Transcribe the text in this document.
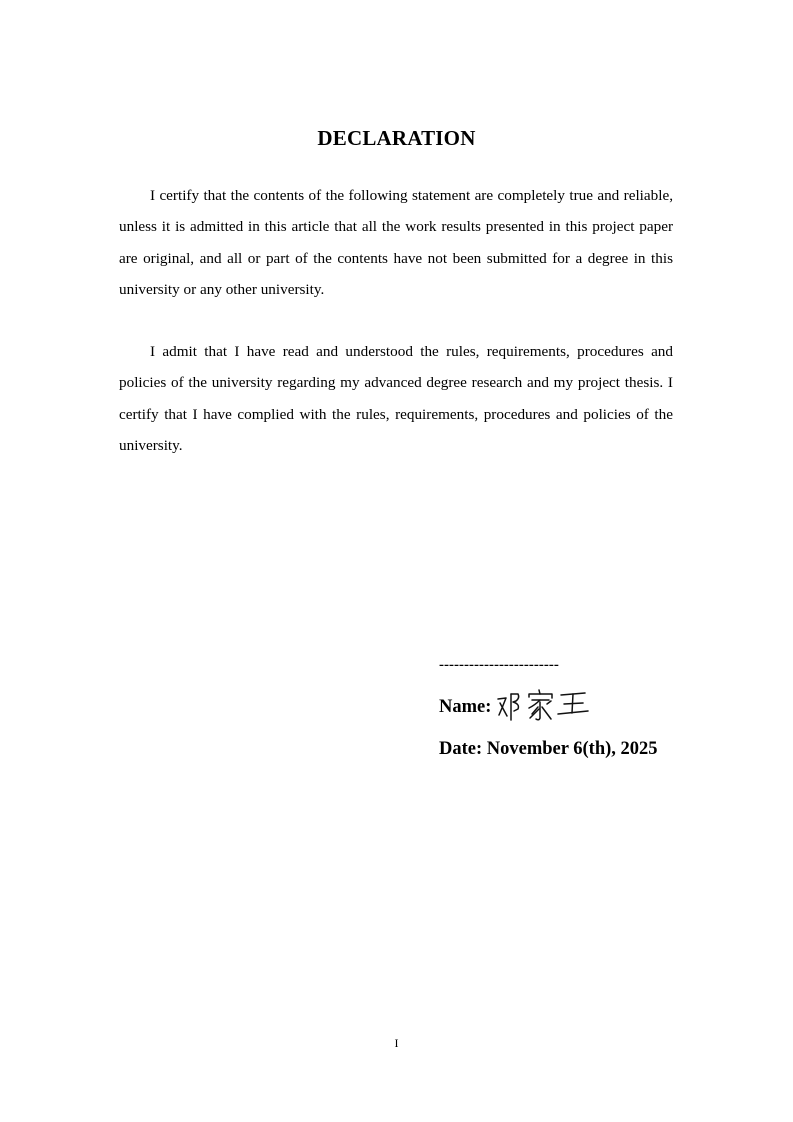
DECLARATION

I certify that the contents of the following statement are completely true and reliable, unless it is admitted in this article that all the work results presented in this project paper are original, and all or part of the contents have not been submitted for a degree in this university or any other university.

I admit that I have read and understood the rules, requirements, procedures and policies of the university regarding my advanced degree research and my project thesis. I certify that I have complied with the rules, requirements, procedures and policies of the university.

------------------------
Name:
Date: November 6(th), 2025
I
